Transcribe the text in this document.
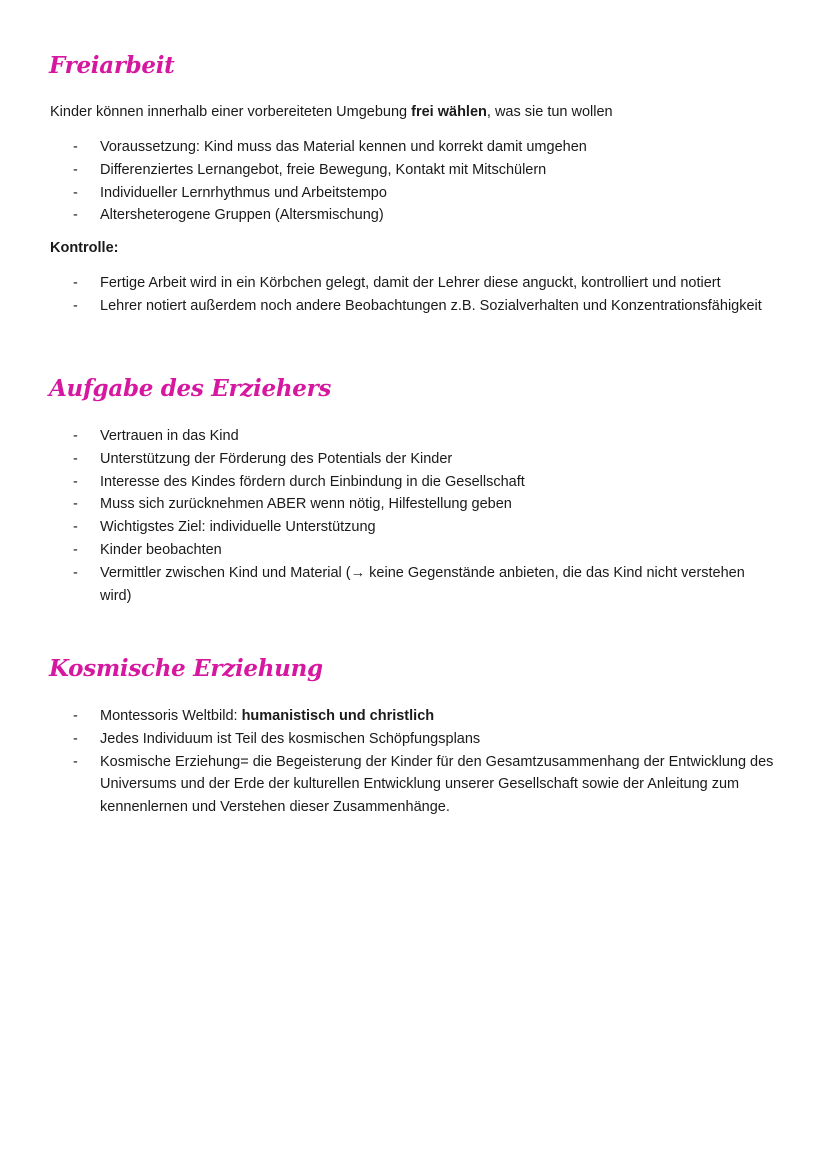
Freiarbeit

Kinder können innerhalb einer vorbereiteten Umgebung frei wählen, was sie tun wollen

- Voraussetzung: Kind muss das Material kennen und korrekt damit umgehen
- Differenziertes Lernangebot, freie Bewegung, Kontakt mit Mitschülern
- Individueller Lernrhythmus und Arbeitstempo
- Altersheterogene Gruppen (Altersmischung)

Kontrolle:

- Fertige Arbeit wird in ein Körbchen gelegt, damit der Lehrer diese anguckt, kontrolliert und notiert
- Lehrer notiert außerdem noch andere Beobachtungen z.B. Sozialverhalten und Konzentrationsfähigkeit
Aufgabe des Erziehers
- Vertrauen in das Kind
- Unterstützung der Förderung des Potentials der Kinder
- Interesse des Kindes fördern durch Einbindung in die Gesellschaft
- Muss sich zurücknehmen ABER wenn nötig, Hilfestellung geben
- Wichtigstes Ziel: individuelle Unterstützung
- Kinder beobachten
- Vermittler zwischen Kind und Material (→ keine Gegenstände anbieten, die das Kind nicht verstehen wird)
Kosmische Erziehung
- Montessoris Weltbild: humanistisch und christlich
- Jedes Individuum ist Teil des kosmischen Schöpfungsplans
- Kosmische Erziehung= die Begeisterung der Kinder für den Gesamtzusammenhang der Entwicklung des Universums und der Erde der kulturellen Entwicklung unserer Gesellschaft sowie der Anleitung zum kennenlernen und Verstehen dieser Zusammenhänge.
